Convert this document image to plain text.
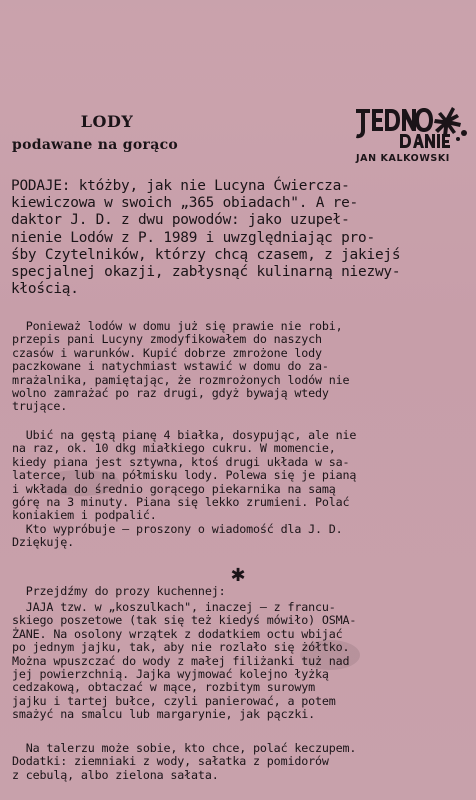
LODY
podawane na gorąco
JAN KALKOWSKI
PODAJE: któżby, jak nie Lucyna Ćwiercza-
kiewiczowa w swoich „365 obiadach". A re-
daktor J. D. z dwu powodów: jako uzupeł-
nienie Lodów z P. 1989 i uwzględniając pro-
śby Czytelników, którzy chcą czasem, z jakiejś
specjalnej okazji, zabłysnąć kulinarną niezwy-
kłością.
Ponieważ lodów w domu już się prawie nie robi,
przepis pani Lucyny zmodyfikowałem do naszych
czasów i warunków. Kupić dobrze zmrożone lody
paczkowane i natychmiast wstawić w domu do za-
mrażalnika, pamiętając, że rozmrożonych lodów nie
wolno zamrażać po raz drugi, gdyż bywają wtedy
trujące.
Ubić na gęstą pianę 4 białka, dosypując, ale nie
na raz, ok. 10 dkg miałkiego cukru. W momencie,
kiedy piana jest sztywna, ktoś drugi układa w sa-
laterce, lub na półmisku lody. Polewa się je pianą
i wkłada do średnio gorącego piekarnika na samą
górę na 3 minuty. Piana się lekko zrumieni. Polać
koniakiem i podpalić.
Kto wypróbuje — proszony o wiadomość dla J. D.
Dziękuję.
✱
Przejdźmy do prozy kuchennej:
JAJA tzw. w „koszulkach", inaczej — z francu-
skiego poszetowe (tak się też kiedyś mówiło) OSMA-
ŻANE. Na osolony wrzątek z dodatkiem octu wbijać
po jednym jajku, tak, aby nie rozlało się żółtko.
Można wpuszczać do wody z małej filiżanki tuż nad
jej powierzchnią. Jajka wyjmować kolejno łyżką
cedzakową, obtaczać w mące, rozbitym surowym
jajku i tartej bułce, czyli panierować, a potem
smażyć na smalcu lub margarynie, jak pączki.
Na talerzu może sobie, kto chce, polać keczupem.
Dodatki: ziemniaki z wody, sałatka z pomidorów
z cebulą, albo zielona sałata.
